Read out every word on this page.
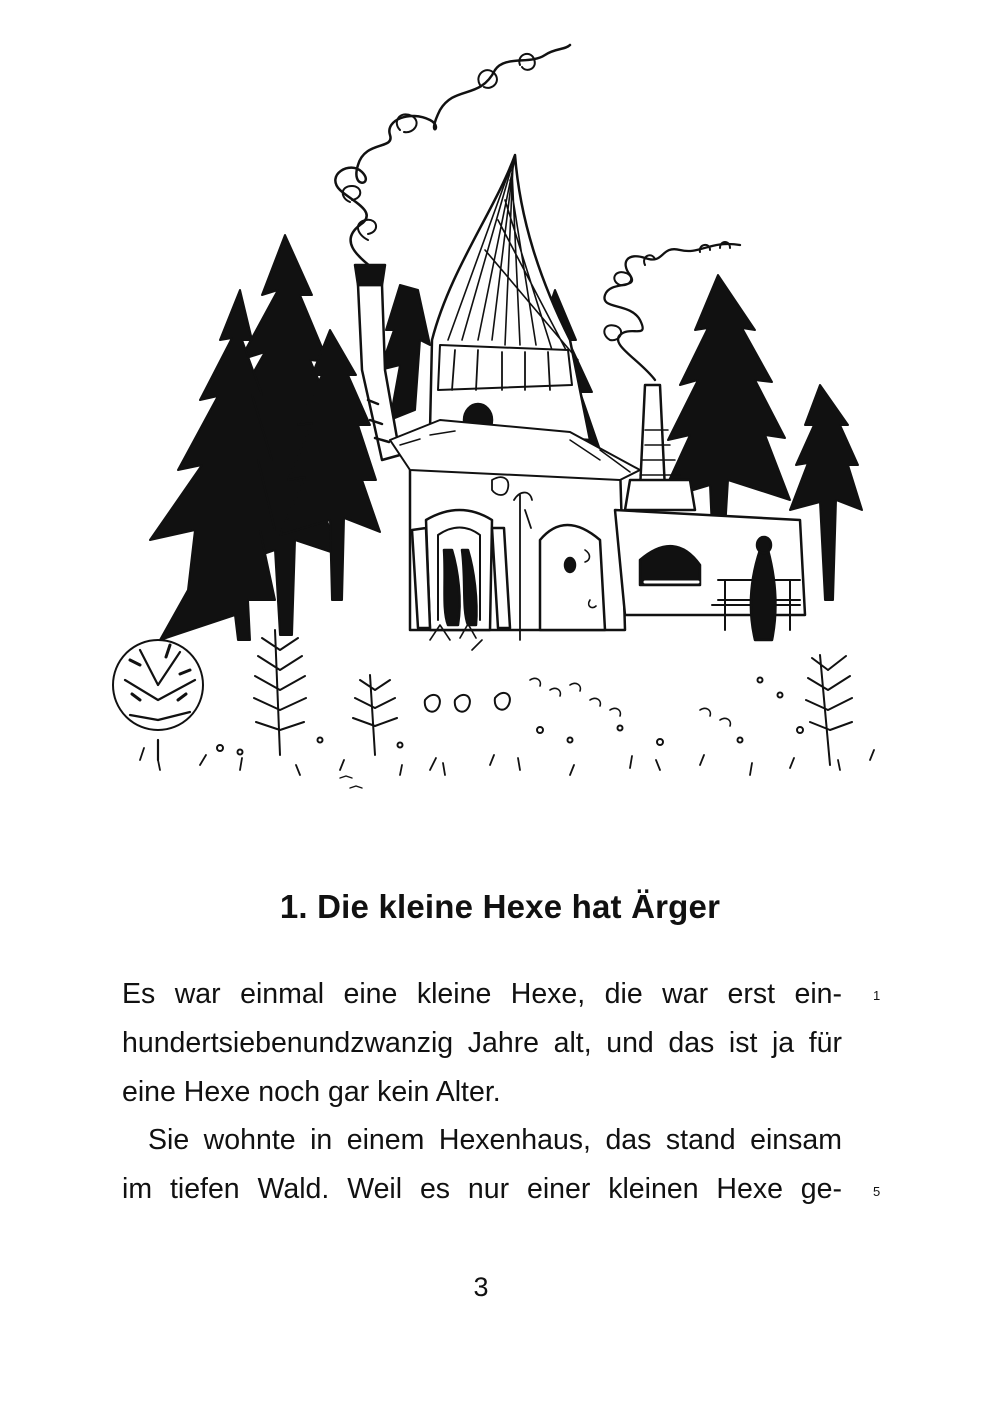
1. Die kleine Hexe hat Ärger
Es war einmal eine kleine Hexe, die war erst ein-
hundertsiebenundzwanzig Jahre alt, und das ist ja für
eine Hexe noch gar kein Alter.
Sie wohnte in einem Hexenhaus, das stand einsam
im tiefen Wald. Weil es nur einer kleinen Hexe ge-
1
5
3
